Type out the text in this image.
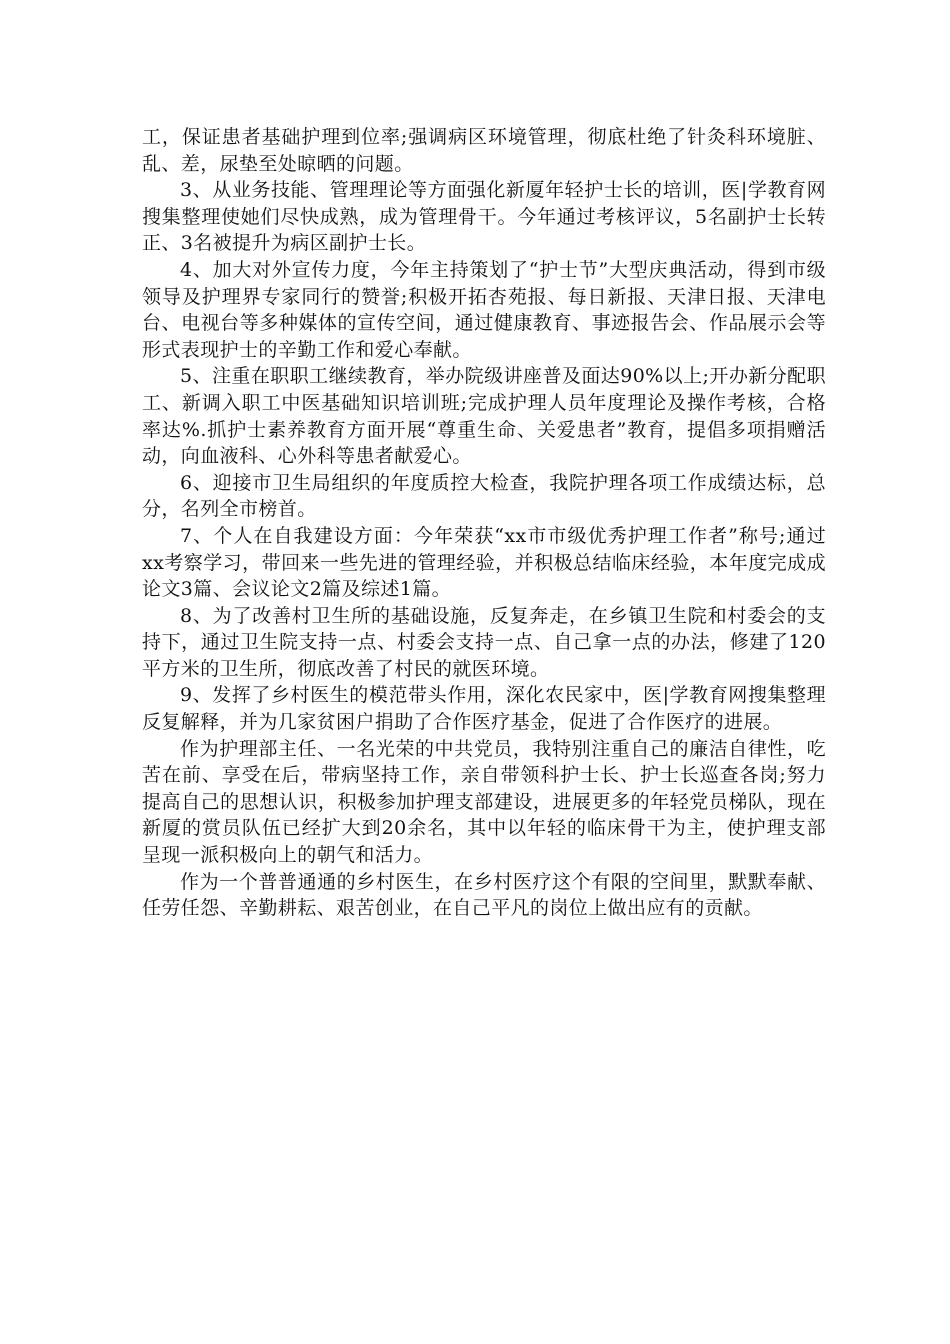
工，保证患者基础护理到位率;强调病区环境管理，彻底杜绝了针灸科环境脏、乱、差，尿垫至处晾晒的问题。

3、从业务技能、管理理论等方面强化新厦年轻护士长的培训，医|学教育网搜集整理使她们尽快成熟，成为管理骨干。今年通过考核评议，5名副护士长转正、3名被提升为病区副护士长。

4、加大对外宣传力度，今年主持策划了“护士节”大型庆典活动，得到市级领导及护理界专家同行的赞誉;积极开拓杏苑报、每日新报、天津日报、天津电台、电视台等多种媒体的宣传空间，通过健康教育、事迹报告会、作品展示会等形式表现护士的辛勤工作和爱心奉献。

5、注重在职职工继续教育，举办院级讲座普及面达90%以上;开办新分配职工、新调入职工中医基础知识培训班;完成护理人员年度理论及操作考核，合格率达%.抓护士素养教育方面开展“尊重生命、关爱患者”教育，提倡多项捐赠活动，向血液科、心外科等患者献爱心。

6、迎接市卫生局组织的年度质控大检查，我院护理各项工作成绩达标，总分，名列全市榜首。

7、个人在自我建设方面：今年荣获“xx市市级优秀护理工作者”称号;通过xx考察学习，带回来一些先进的管理经验，并积极总结临床经验，本年度完成成论文3篇、会议论文2篇及综述1篇。

8、为了改善村卫生所的基础设施，反复奔走，在乡镇卫生院和村委会的支持下，通过卫生院支持一点、村委会支持一点、自己拿一点的办法，修建了120平方米的卫生所，彻底改善了村民的就医环境。

9、发挥了乡村医生的模范带头作用，深化农民家中，医|学教育网搜集整理反复解释，并为几家贫困户捐助了合作医疗基金，促进了合作医疗的进展。

作为护理部主任、一名光荣的中共党员，我特别注重自己的廉洁自律性，吃苦在前、享受在后，带病坚持工作，亲自带领科护士长、护士长巡查各岗;努力提高自己的思想认识，积极参加护理支部建设，进展更多的年轻党员梯队，现在新厦的赏员队伍已经扩大到20余名，其中以年轻的临床骨干为主，使护理支部呈现一派积极向上的朝气和活力。

作为一个普普通通的乡村医生，在乡村医疗这个有限的空间里，默默奉献、任劳任怨、辛勤耕耘、艰苦创业，在自己平凡的岗位上做出应有的贡献。
